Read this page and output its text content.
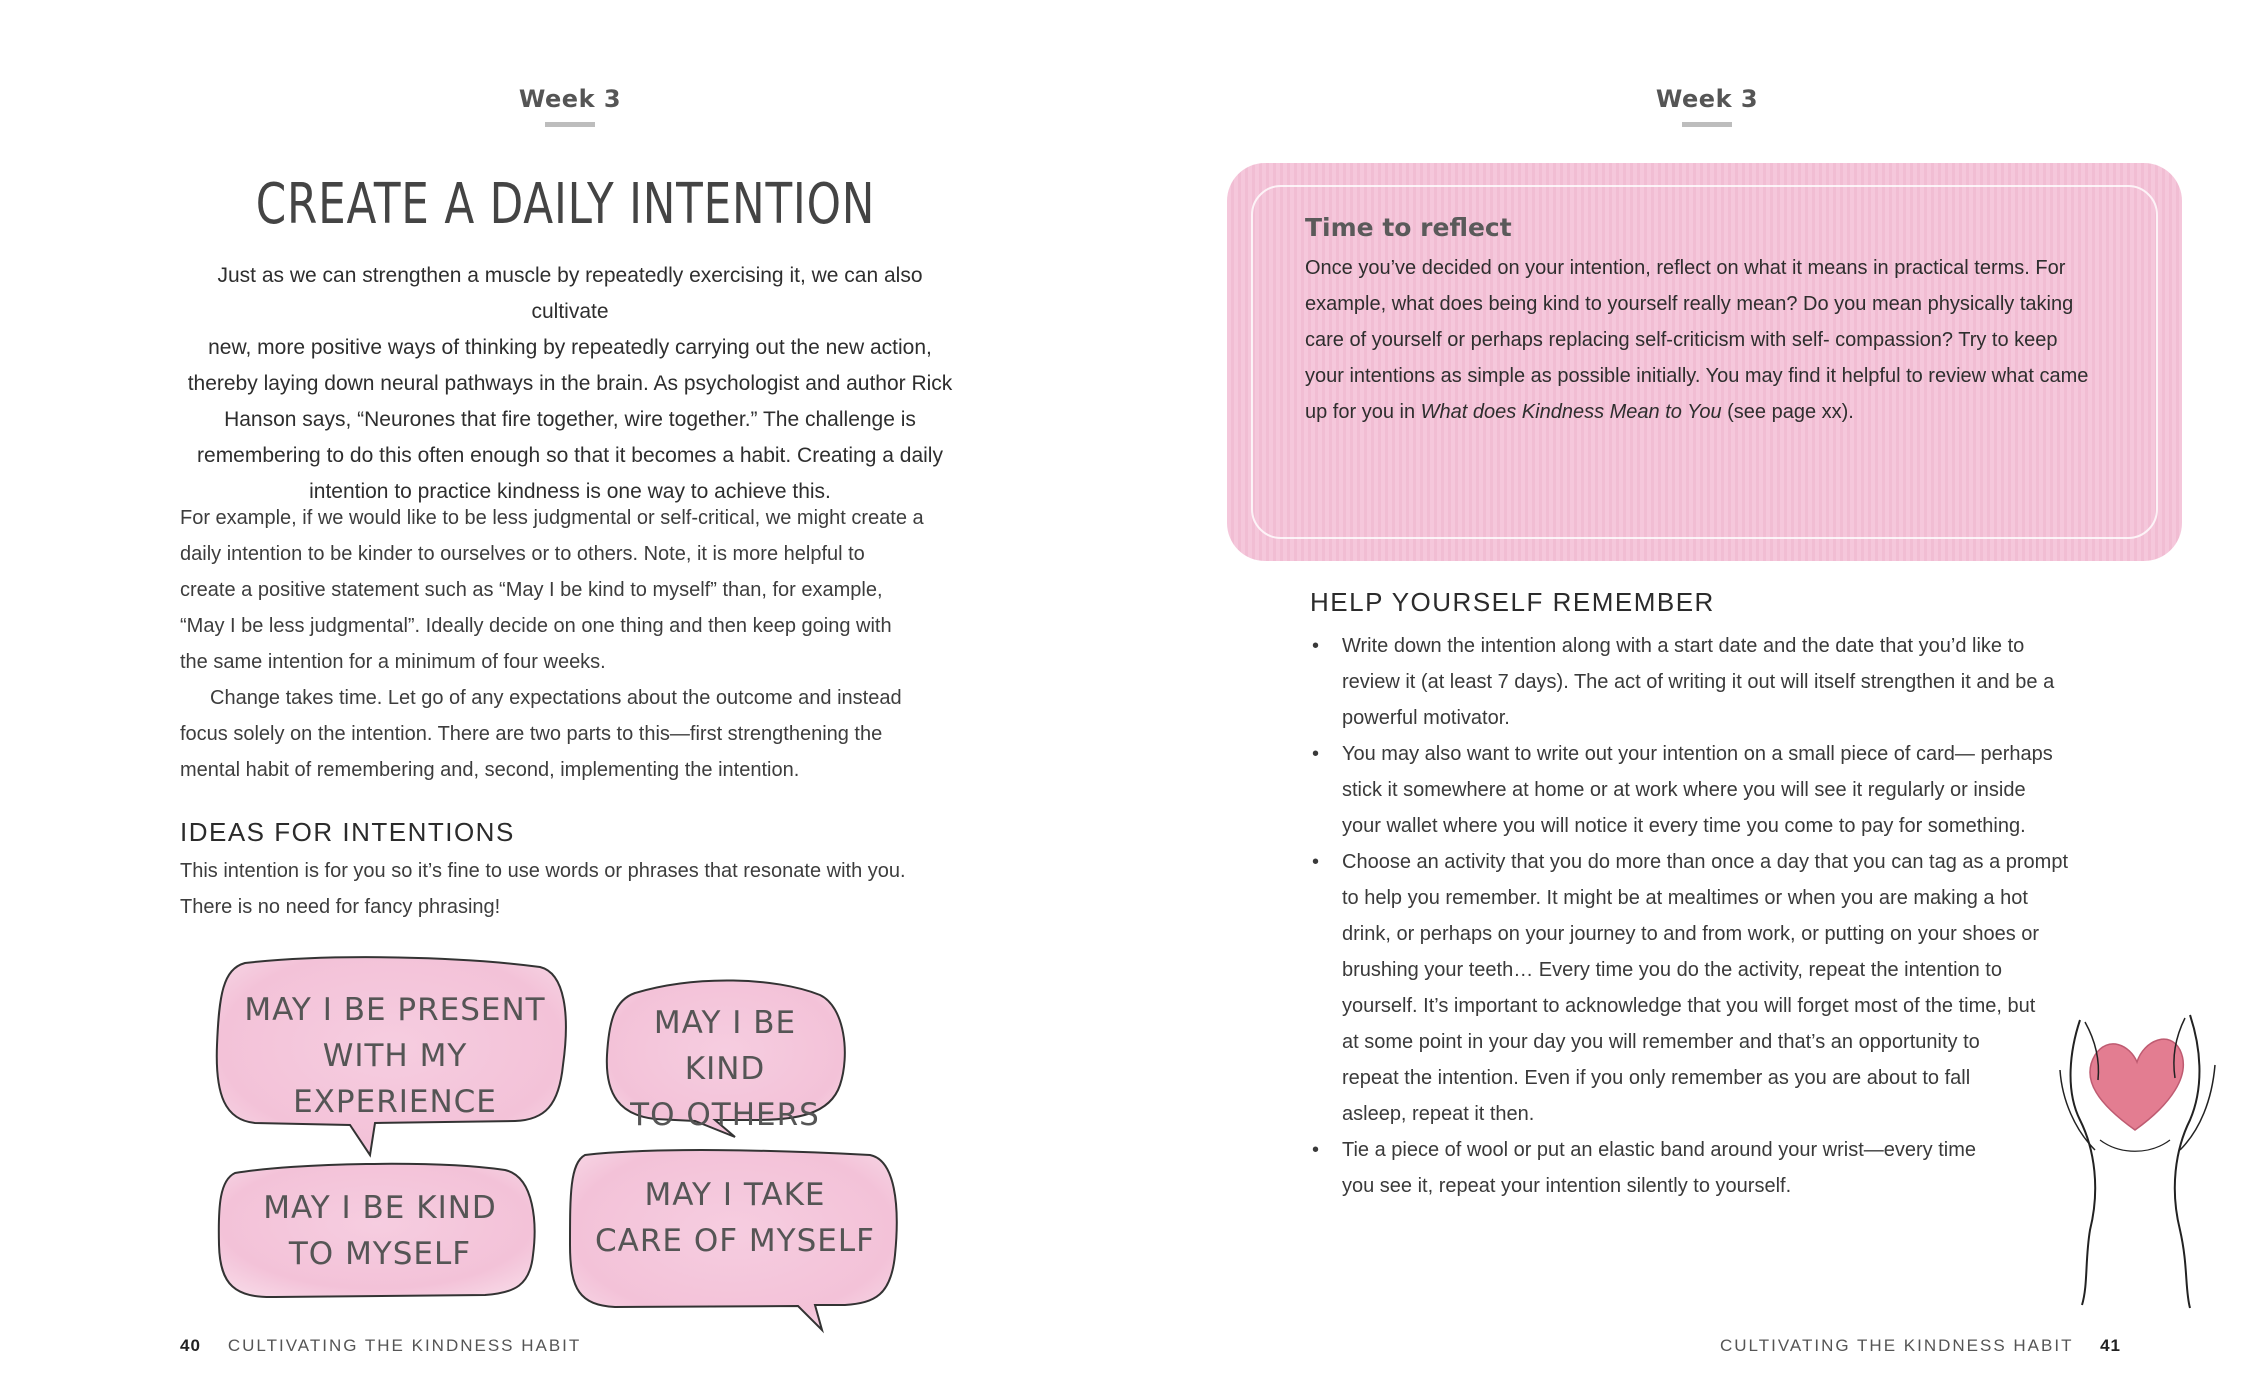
Week 3
CREATE A DAILY INTENTION
Just as we can strengthen a muscle by repeatedly exercising it, we can also cultivate
new, more positive ways of thinking by repeatedly carrying out the new action,
thereby laying down neural pathways in the brain. As psychologist and author Rick
Hanson says, “Neurones that fire together, wire together.” The challenge is
remembering to do this often enough so that it becomes a habit. Creating a daily
intention to practice kindness is one way to achieve this.
For example, if we would like to be less judgmental or self-critical, we might create a
daily intention to be kinder to ourselves or to others. Note, it is more helpful to
create a positive statement such as “May I be kind to myself” than, for example,
“May I be less judgmental”. Ideally decide on one thing and then keep going with
the same intention for a minimum of four weeks.
Change takes time. Let go of any expectations about the outcome and instead
focus solely on the intention. There are two parts to this—first strengthening the
mental habit of remembering and, second, implementing the intention.
IDEAS FOR INTENTIONS
This intention is for you so it’s fine to use words or phrases that resonate with you.
There is no need for fancy phrasing!
MAY I BE PRESENT
WITH MY EXPERIENCE
MAY I BE KIND
TO OTHERS
MAY I BE KIND
TO MYSELF
MAY I TAKE
CARE OF MYSELF
40 CULTIVATING THE KINDNESS HABIT
Week 3
Time to reflect
Once you’ve decided on your intention, reflect on what it means in practical terms. For
example, what does being kind to yourself really mean? Do you mean physically taking
care of yourself or perhaps replacing self-criticism with self- compassion? Try to keep
your intentions as simple as possible initially. You may find it helpful to review what came
up for you in What does Kindness Mean to You (see page xx).
HELP YOURSELF REMEMBER
• Write down the intention along with a start date and the date that you’d like to
review it (at least 7 days). The act of writing it out will itself strengthen it and be a
powerful motivator.
• You may also want to write out your intention on a small piece of card— perhaps
stick it somewhere at home or at work where you will see it regularly or inside
your wallet where you will notice it every time you come to pay for something.
• Choose an activity that you do more than once a day that you can tag as a prompt
to help you remember. It might be at mealtimes or when you are making a hot
drink, or perhaps on your journey to and from work, or putting on your shoes or
brushing your teeth… Every time you do the activity, repeat the intention to
yourself. It’s important to acknowledge that you will forget most of the time, but
at some point in your day you will remember and that’s an opportunity to
repeat the intention. Even if you only remember as you are about to fall
asleep, repeat it then.
• Tie a piece of wool or put an elastic band around your wrist—every time
you see it, repeat your intention silently to yourself.
CULTIVATING THE KINDNESS HABIT 41
